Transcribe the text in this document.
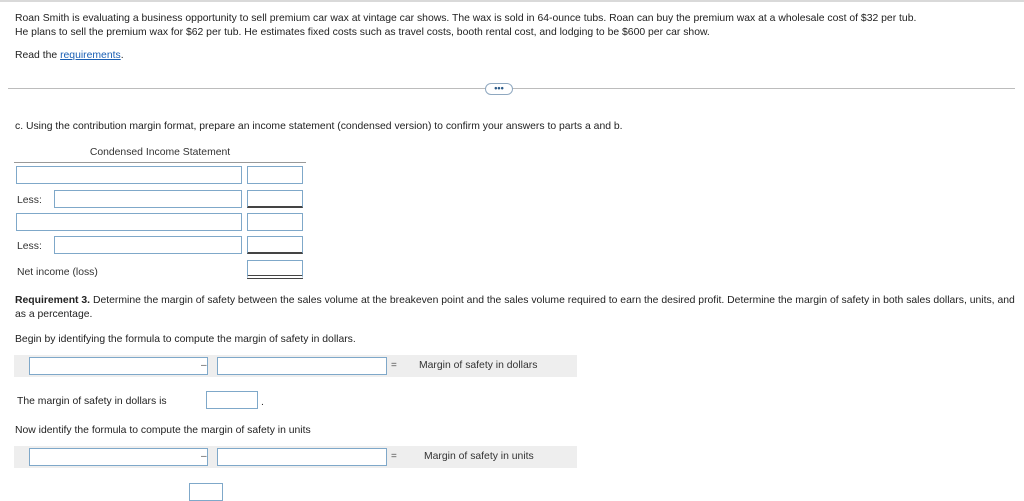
Roan Smith is evaluating a business opportunity to sell premium car wax at vintage car shows. The wax is sold in 64-ounce tubs. Roan can buy the premium wax at a wholesale cost of $32 per tub.
He plans to sell the premium wax for $62 per tub. He estimates fixed costs such as travel costs, booth rental cost, and lodging to be $600 per car show.
Read the requirements.
•••
c. Using the contribution margin format, prepare an income statement (condensed version) to confirm your answers to parts a and b.
Condensed Income Statement
Less:
Less:
Net income (loss)
Requirement 3. Determine the margin of safety between the sales volume at the breakeven point and the sales volume required to earn the desired profit. Determine the margin of safety in both sales dollars, units, and as a percentage.
Begin by identifying the formula to compute the margin of safety in dollars.
–	= Margin of safety in dollars
The margin of safety in dollars is	.
Now identify the formula to compute the margin of safety in units
–	=	Margin of safety in units
